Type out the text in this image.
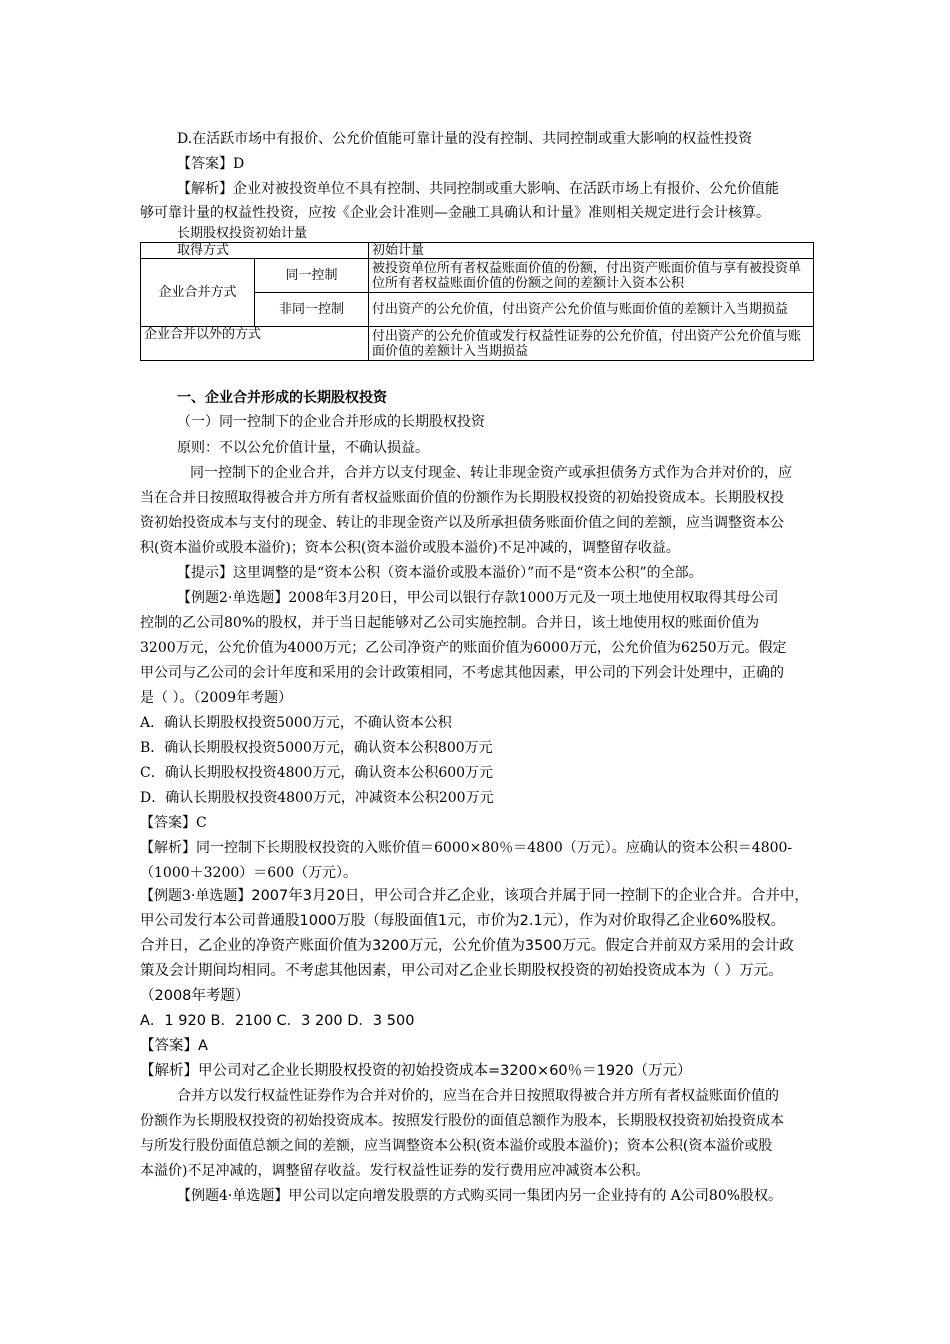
D.在活跃市场中有报价、公允价值能可靠计量的没有控制、共同控制或重大影响的权益性投资
【答案】D
【解析】企业对被投资单位不具有控制、共同控制或重大影响、在活跃市场上有报价、公允价值能
够可靠计量的权益性投资，应按《企业会计准则—金融工具确认和计量》准则相关规定进行会计核算。
长期股权投资初始计量
取得方式		初始计量
企业合并方式	同一控制	被投资单位所有者权益账面价值的份额，付出资产账面价值与享有被投资单位所有者权益账面价值的份额之间的差额计入资本公积
	非同一控制	付出资产的公允价值，付出资产公允价值与账面价值的差额计入当期损益
企业合并以外的方式		付出资产的公允价值或发行权益性证券的公允价值，付出资产公允价值与账面价值的差额计入当期损益
一、企业合并形成的长期股权投资
（一）同一控制下的企业合并形成的长期股权投资
原则：不以公允价值计量，不确认损益。
同一控制下的企业合并，合并方以支付现金、转让非现金资产或承担债务方式作为合并对价的，应
当在合并日按照取得被合并方所有者权益账面价值的份额作为长期股权投资的初始投资成本。长期股权投
资初始投资成本与支付的现金、转让的非现金资产以及所承担债务账面价值之间的差额，应当调整资本公
积(资本溢价或股本溢价)；资本公积(资本溢价或股本溢价)不足冲减的，调整留存收益。
【提示】这里调整的是“资本公积（资本溢价或股本溢价）”而不是“资本公积”的全部。
【例题2·单选题】2008年3月20日，甲公司以银行存款1000万元及一项土地使用权取得其母公司
控制的乙公司80%的股权，并于当日起能够对乙公司实施控制。合并日，该土地使用权的账面价值为
3200万元，公允价值为4000万元；乙公司净资产的账面价值为6000万元，公允价值为6250万元。假定
甲公司与乙公司的会计年度和采用的会计政策相同，不考虑其他因素，甲公司的下列会计处理中，正确的
是（ ）。（2009年考题）
A．确认长期股权投资5000万元，不确认资本公积
B．确认长期股权投资5000万元，确认资本公积800万元
C．确认长期股权投资4800万元，确认资本公积600万元
D．确认长期股权投资4800万元，冲减资本公积200万元
【答案】C
【解析】同一控制下长期股权投资的入账价值＝6000×80％＝4800（万元）。应确认的资本公积＝4800-
（1000＋3200）＝600（万元）。
【例题3·单选题】2007年3月20日，甲公司合并乙企业，该项合并属于同一控制下的企业合并。合并中，
甲公司发行本公司普通股1000万股（每股面值1元，市价为2.1元），作为对价取得乙企业60%股权。
合并日，乙企业的净资产账面价值为3200万元，公允价值为3500万元。假定合并前双方采用的会计政
策及会计期间均相同。不考虑其他因素，甲公司对乙企业长期股权投资的初始投资成本为（ ）万元。
（2008年考题）
A．1 920 B．2100 C．3 200 D．3 500
【答案】A
【解析】甲公司对乙企业长期股权投资的初始投资成本=3200×60％＝1920（万元）
合并方以发行权益性证券作为合并对价的，应当在合并日按照取得被合并方所有者权益账面价值的
份额作为长期股权投资的初始投资成本。按照发行股份的面值总额作为股本，长期股权投资初始投资成本
与所发行股份面值总额之间的差额，应当调整资本公积(资本溢价或股本溢价)；资本公积(资本溢价或股
本溢价)不足冲减的，调整留存收益。发行权益性证券的发行费用应冲减资本公积。
【例题4·单选题】甲公司以定向增发股票的方式购买同一集团内另一企业持有的 A公司80%股权。
